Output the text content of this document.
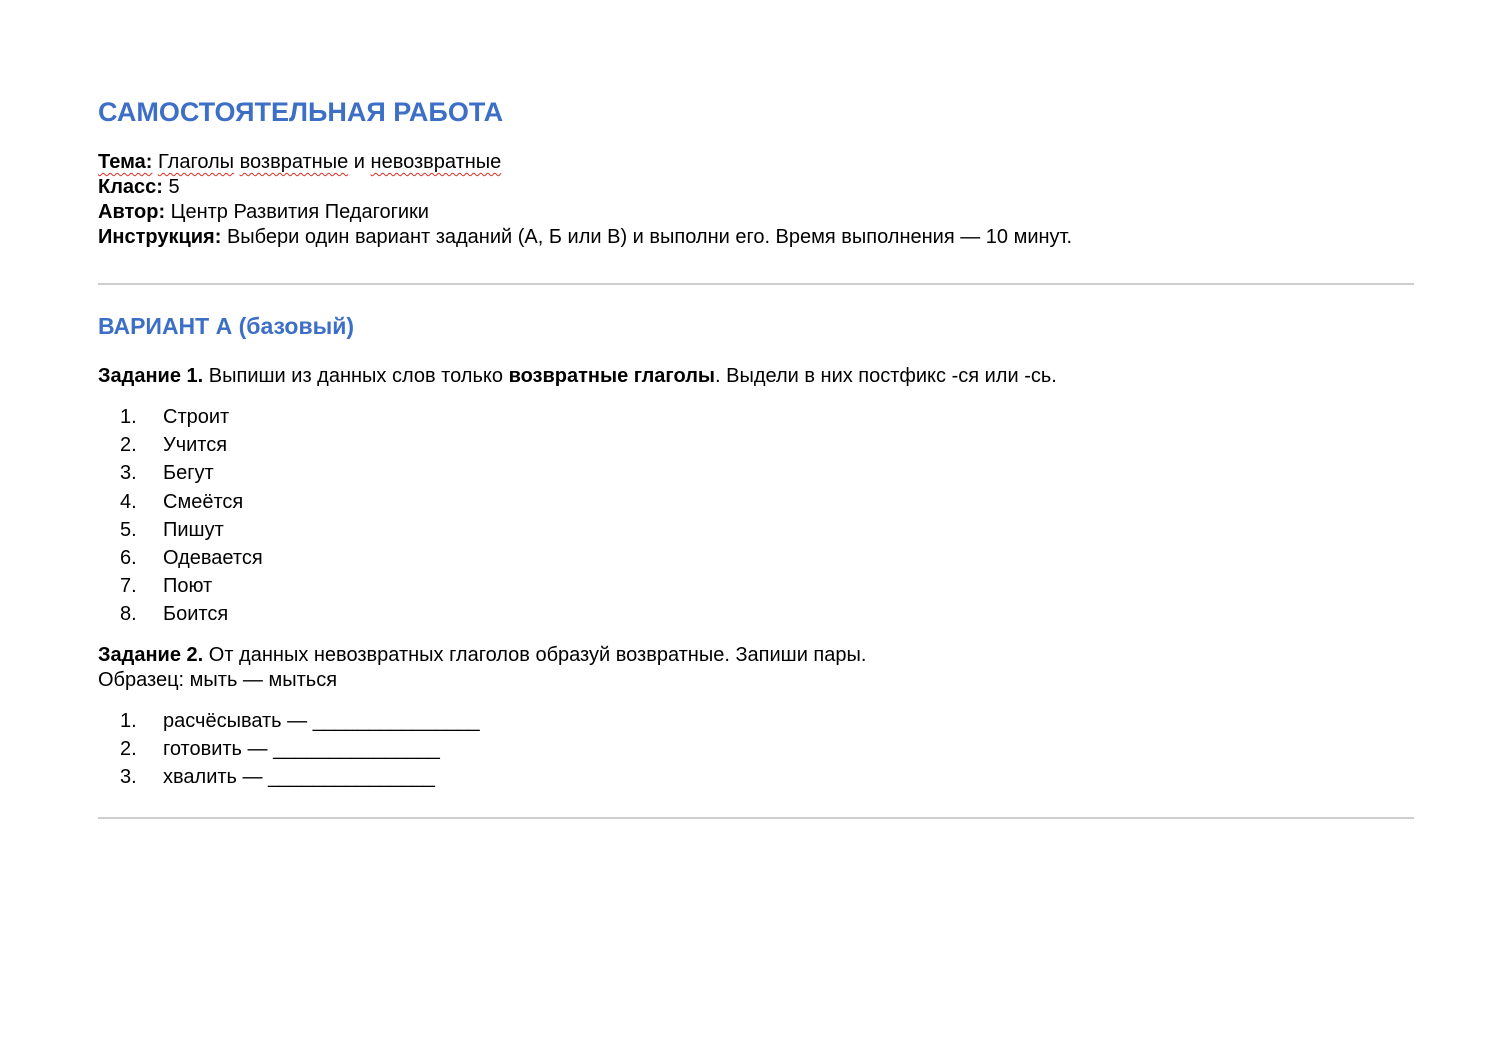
САМОСТОЯТЕЛЬНАЯ РАБОТА
Тема: Глаголы возвратные и невозвратные
Класс: 5
Автор: Центр Развития Педагогики
Инструкция: Выбери один вариант заданий (А, Б или В) и выполни его. Время выполнения — 10 минут.
ВАРИАНТ А (базовый)
Задание 1. Выпиши из данных слов только возвратные глаголы. Выдели в них постфикс -ся или -сь.
1. Строит
2. Учится
3. Бегут
4. Смеётся
5. Пишут
6. Одевается
7. Поют
8. Боится
Задание 2. От данных невозвратных глаголов образуй возвратные. Запиши пары.
Образец: мыть — мыться
1. расчёсывать — _______________
2. готовить — _______________
3. хвалить — _______________
